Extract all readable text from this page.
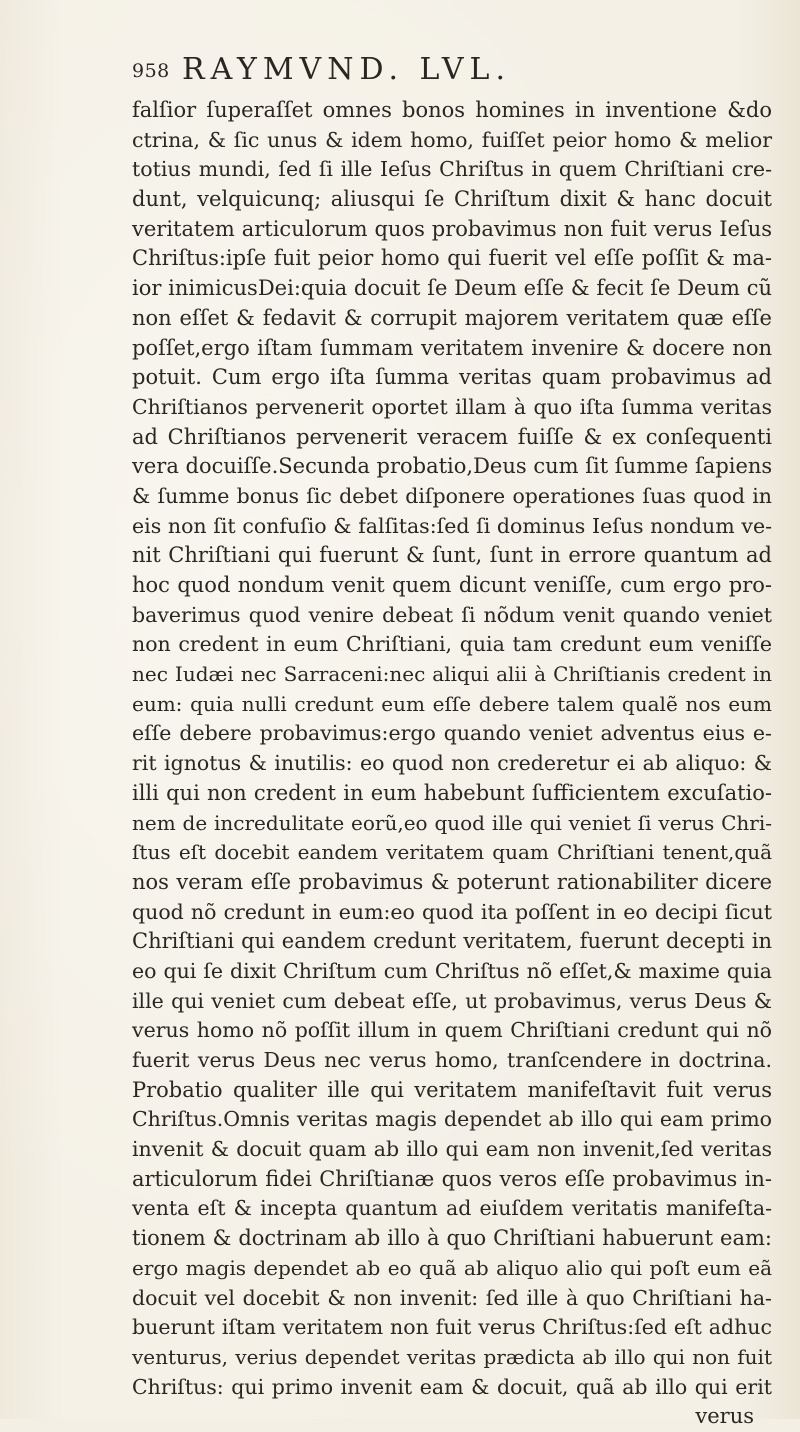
958 RAYMVND. LVL.
falſior ſuperaſſet omnes bonos homines in inventione &do
ctrina, & ſic unus & idem homo, fuiſſet peior homo & melior
totius mundi, ſed ſi ille Ieſus Chriſtus in quem Chriſtiani cre-
dunt, velquicunq; aliusqui ſe Chriſtum dixit & hanc docuit
veritatem articulorum quos probavimus non fuit verus Ieſus
Chriſtus:ipſe fuit peior homo qui fuerit vel eſſe poſſit & ma-
ior inimicusDei:quia docuit ſe Deum eſſe & fecit ſe Deum cũ
non eſſet & fedavit & corrupit majorem veritatem quæ eſſe
poſſet,ergo iſtam ſummam veritatem invenire & docere non
potuit. Cum ergo iſta ſumma veritas quam probavimus ad
Chriſtianos pervenerit oportet illam à quo iſta ſumma veritas
ad Chriſtianos pervenerit veracem fuiſſe & ex conſequenti
vera docuiſſe.Secunda probatio,Deus cum ſit ſumme ſapiens
& ſumme bonus ſic debet diſponere operationes ſuas quod in
eis non ſit confuſio & falſitas:ſed ſi dominus Ieſus nondum ve-
nit Chriſtiani qui fuerunt & ſunt, ſunt in errore quantum ad
hoc quod nondum venit quem dicunt veniſſe, cum ergo pro-
baverimus quod venire debeat ſi nõdum venit quando veniet
non credent in eum Chriſtiani, quia tam credunt eum veniſſe
nec Iudæi nec Sarraceni:nec aliqui alii à Chriſtianis credent in
eum: quia nulli credunt eum eſſe debere talem qualẽ nos eum
eſſe debere probavimus:ergo quando veniet adventus eius e-
rit ignotus & inutilis: eo quod non crederetur ei ab aliquo: &
illi qui non credent in eum habebunt ſufficientem excuſatio-
nem de incredulitate eorũ,eo quod ille qui veniet ſi verus Chri-
ſtus eſt docebit eandem veritatem quam Chriſtiani tenent,quã
nos veram eſſe probavimus & poterunt rationabiliter dicere
quod nõ credunt in eum:eo quod ita poſſent in eo decipi ſicut
Chriſtiani qui eandem credunt veritatem, fuerunt decepti in
eo qui ſe dixit Chriſtum cum Chriſtus nõ eſſet,& maxime quia
ille qui veniet cum debeat eſſe, ut probavimus, verus Deus &
verus homo nõ poſſit illum in quem Chriſtiani credunt qui nõ
fuerit verus Deus nec verus homo, tranſcendere in doctrina.
Probatio qualiter ille qui veritatem manifeſtavit fuit verus
Chriſtus.Omnis veritas magis dependet ab illo qui eam primo
invenit & docuit quam ab illo qui eam non invenit,ſed veritas
articulorum fidei Chriſtianæ quos veros eſſe probavimus in-
venta eſt & incepta quantum ad eiuſdem veritatis manifeſta-
tionem & doctrinam ab illo à quo Chriſtiani habuerunt eam:
ergo magis dependet ab eo quã ab aliquo alio qui poſt eum eã
docuit vel docebit & non invenit: ſed ille à quo Chriſtiani ha-
buerunt iſtam veritatem non fuit verus Chriſtus:ſed eſt adhuc
venturus, verius dependet veritas prædicta ab illo qui non fuit
Chriſtus: qui primo invenit eam & docuit, quã ab illo qui erit
verus
